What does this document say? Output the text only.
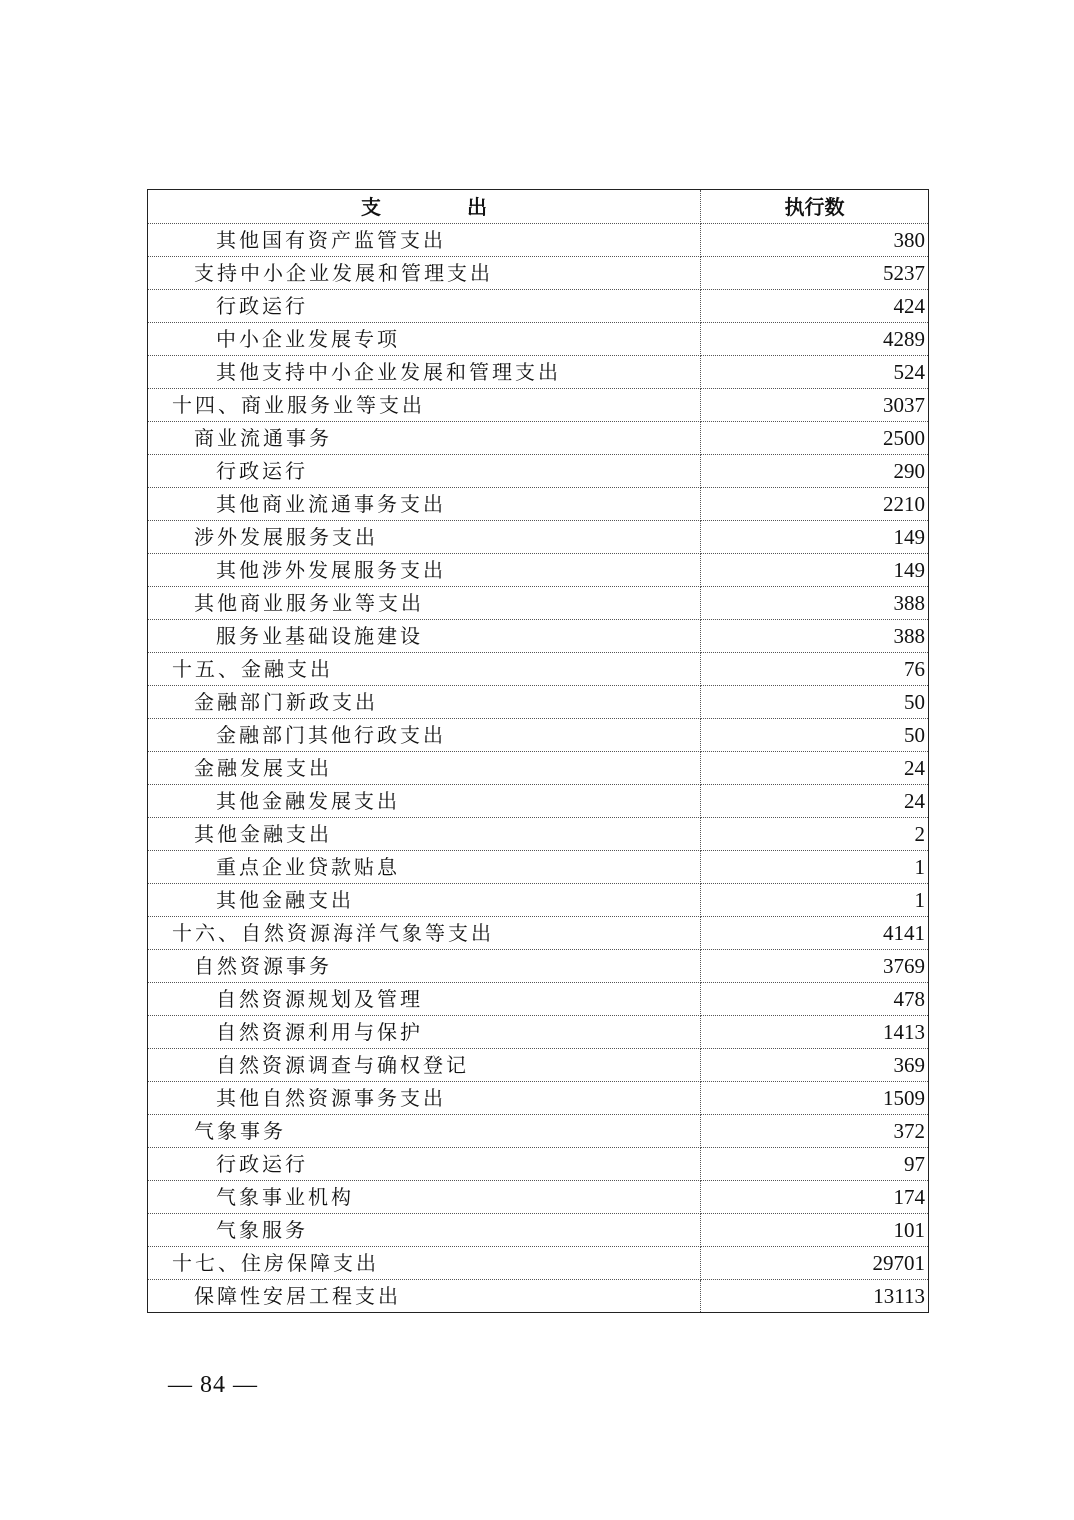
支 出	执行数
其他国有资产监管支出	380
支持中小企业发展和管理支出	5237
行政运行	424
中小企业发展专项	4289
其他支持中小企业发展和管理支出	524
十四、商业服务业等支出	3037
商业流通事务	2500
行政运行	290
其他商业流通事务支出	2210
涉外发展服务支出	149
其他涉外发展服务支出	149
其他商业服务业等支出	388
服务业基础设施建设	388
十五、金融支出	76
金融部门新政支出	50
金融部门其他行政支出	50
金融发展支出	24
其他金融发展支出	24
其他金融支出	2
重点企业贷款贴息	1
其他金融支出	1
十六、自然资源海洋气象等支出	4141
自然资源事务	3769
自然资源规划及管理	478
自然资源利用与保护	1413
自然资源调查与确权登记	369
其他自然资源事务支出	1509
气象事务	372
行政运行	97
气象事业机构	174
气象服务	101
十七、住房保障支出	29701
保障性安居工程支出	13113
— 84 —
